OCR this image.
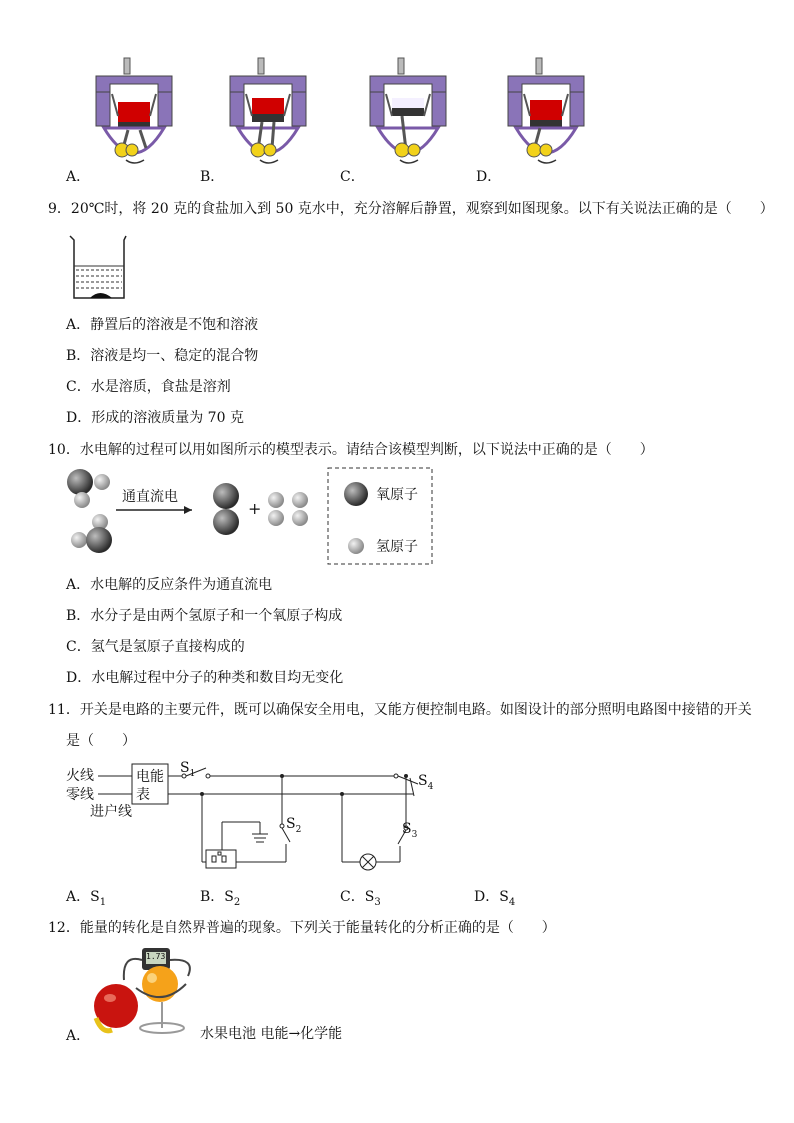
A．	B．	C．	D．
9．20℃时，将 20 克的食盐加入到 50 克水中，充分溶解后静置，观察到如图现象。以下有关说法正确的是（　　）
A．静置后的溶液是不饱和溶液
B．溶液是均一、稳定的混合物
C．水是溶质，食盐是溶剂
D．形成的溶液质量为 70 克
10．水电解的过程可以用如图所示的模型表示。请结合该模型判断，以下说法中正确的是（　　）
通直流电
+
氧原子
氢原子
A．水电解的反应条件为通直流电
B．水分子是由两个氢原子和一个氧原子构成
C．氢气是氢原子直接构成的
D．水电解过程中分子的种类和数目均无变化
11．开关是电路的主要元件，既可以确保安全用电，又能方便控制电路。如图设计的部分照明电路图中接错的开关
是（　　）
火线
零线
进户线
电能
表
$S_1$
$S_2$	$S_3$
$S_4$
A．$S_1$	B．$S_2$	C．$S_3$	D．$S_4$
12．能量的转化是自然界普遍的现象。下列关于能量转化的分析正确的是（　　）
1.73
A．	水果电池 电能→化学能
